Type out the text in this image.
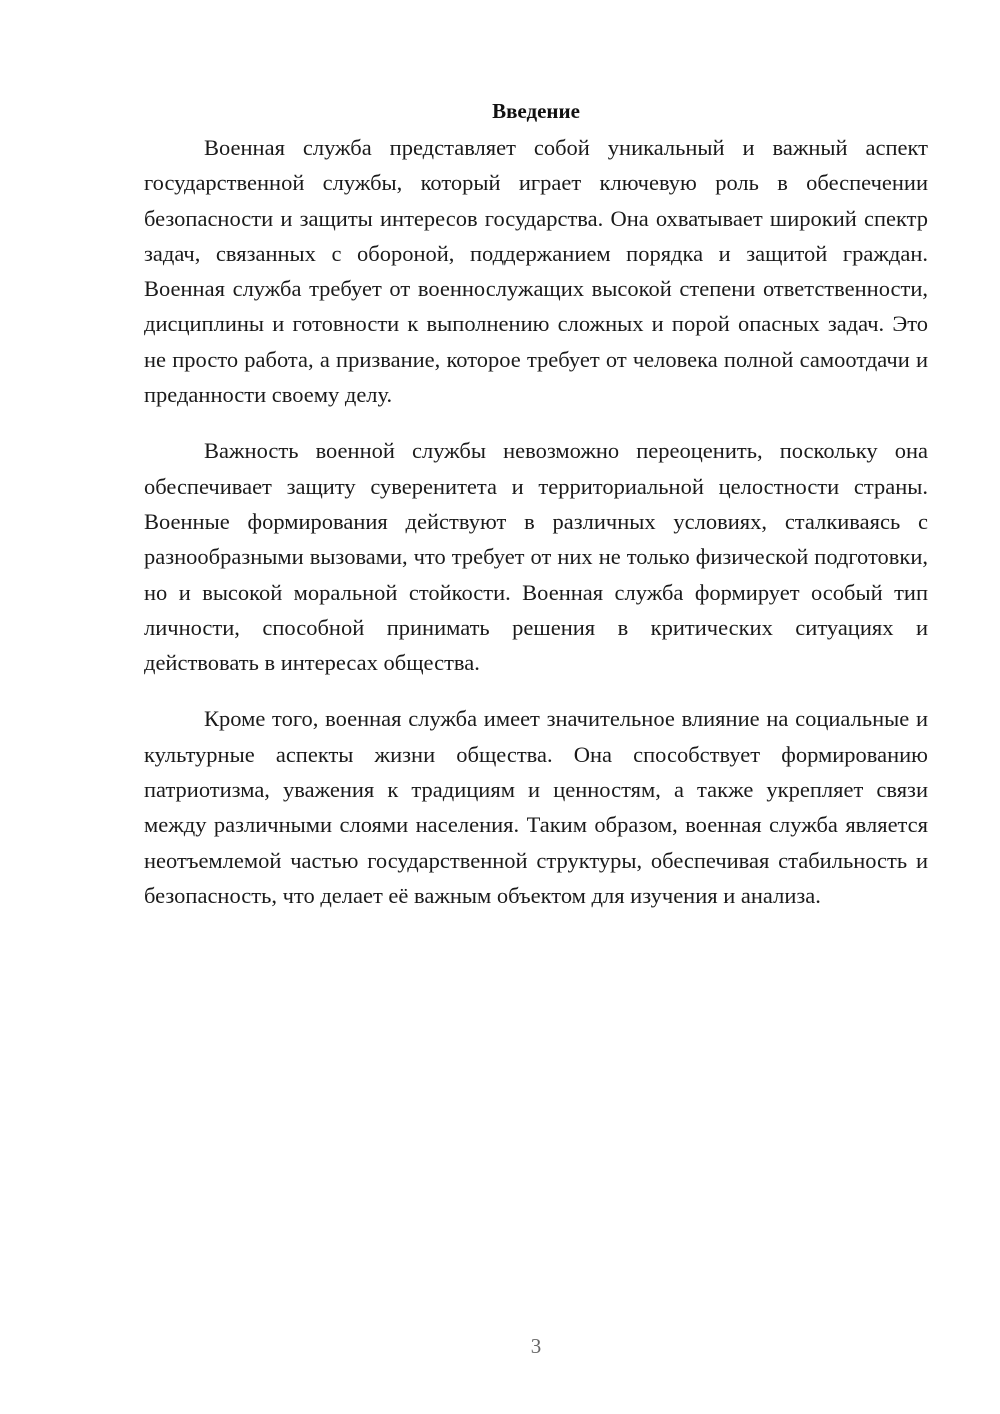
Введение

Военная служба представляет собой уникальный и важный аспект государственной службы, который играет ключевую роль в обеспечении безопасности и защиты интересов государства. Она охватывает широкий спектр задач, связанных с обороной, поддержанием порядка и защитой граждан. Военная служба требует от военнослужащих высокой степени ответственности, дисциплины и готовности к выполнению сложных и порой опасных задач. Это не просто работа, а призвание, которое требует от человека полной самоотдачи и преданности своему делу.

Важность военной службы невозможно переоценить, поскольку она обеспечивает защиту суверенитета и территориальной целостности страны. Военные формирования действуют в различных условиях, сталкиваясь с разнообразными вызовами, что требует от них не только физической подготовки, но и высокой моральной стойкости. Военная служба формирует особый тип личности, способной принимать решения в критических ситуациях и действовать в интересах общества.

Кроме того, военная служба имеет значительное влияние на социальные и культурные аспекты жизни общества. Она способствует формированию патриотизма, уважения к традициям и ценностям, а также укрепляет связи между различными слоями населения. Таким образом, военная служба является неотъемлемой частью государственной структуры, обеспечивая стабильность и безопасность, что делает её важным объектом для изучения и анализа.

3
